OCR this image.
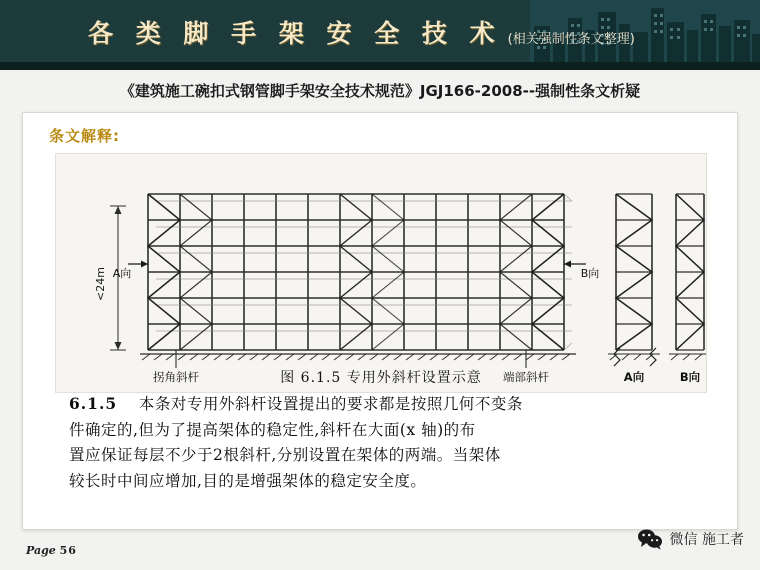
各 类 脚 手 架 安 全 技 术 (相关强制性条文整理)
《建筑施工碗扣式钢管脚手架安全技术规范》JGJ166-2008--强制性条文析疑
条文解释:
<24m A向	B向
拐角斜杆	端部斜杆	A向	B向
图 6.1.5 专用外斜杆设置示意
6.1.5 本条对专用外斜杆设置提出的要求都是按照几何不变条
件确定的,但为了提高架体的稳定性,斜杆在大面(x 轴)的布
置应保证每层不少于2根斜杆,分别设置在架体的两端。当架体
较长时中间应增加,目的是增强架体的稳定安全度。
Page 56
微信 施工者
